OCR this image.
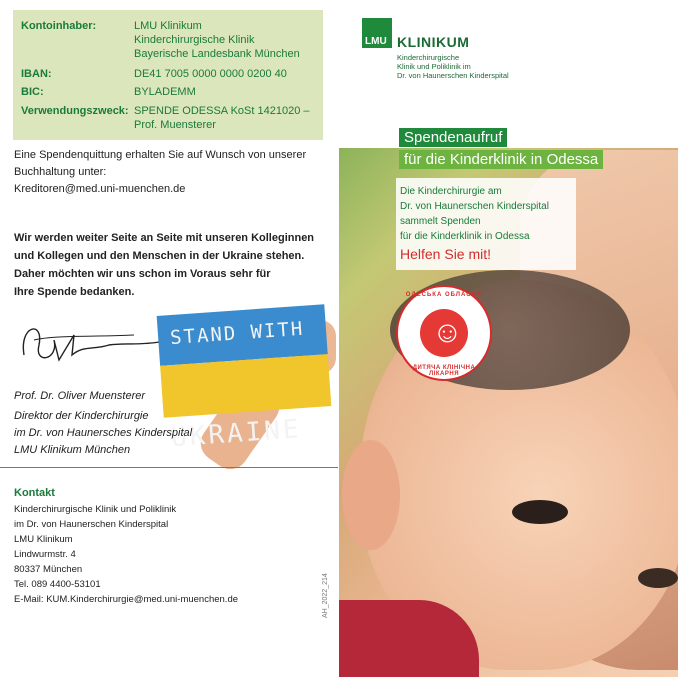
Kontoinhaber:	LMU Klinikum
Kinderchirurgische Klinik
Bayerische Landesbank München
IBAN:	DE41 7005 0000 0000 0200 40
BIC:	BYLADEMM
Verwendungszweck: SPENDE ODESSA KoSt 1421020 –
Prof. Muensterer
Eine Spendenquittung erhalten Sie auf Wunsch von unserer
Buchhaltung unter:
Kreditoren@med.uni-muenchen.de
Wir werden weiter Seite an Seite mit unseren Kolleginnen
und Kollegen und den Menschen in der Ukraine stehen.
Daher möchten wir uns schon im Voraus sehr für
Ihre Spende bedanken.
STAND WITH
UKRAINE
Prof. Dr. Oliver Muensterer
Direktor der Kinderchirurgie
im Dr. von Haunersches Kinderspital
LMU Klinikum München
Kontakt
Kinderchirurgische Klinik und Poliklinik
im Dr. von Haunerschen Kinderspital
LMU Klinikum
Lindwurmstr. 4
80337 München
Tel. 089 4400-53101
E-Mail: KUM.Kinderchirurgie@med.uni-muenchen.de	AH_2022_214
LMU KLINIKUM
Kinderchirurgische
Klinik und Poliklinik im
Dr. von Haunerschen Kinderspital
Spendenaufruf
für die Kinderklinik in Odessa
Die Kinderchirurgie am
Dr. von Haunerschen Kinderspital
sammelt Spenden
für die Kinderklinik in Odessa
Helfen Sie mit!
ОДЕСЬКА ОБЛАСНА
☺
ДИТЯЧА КЛІНІЧНА ЛІКАРНЯ
